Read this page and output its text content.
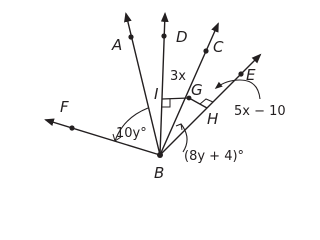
A	D
C
E
F
B
I G
H
3x
5x − 10
10y°
(8y + 4)°
